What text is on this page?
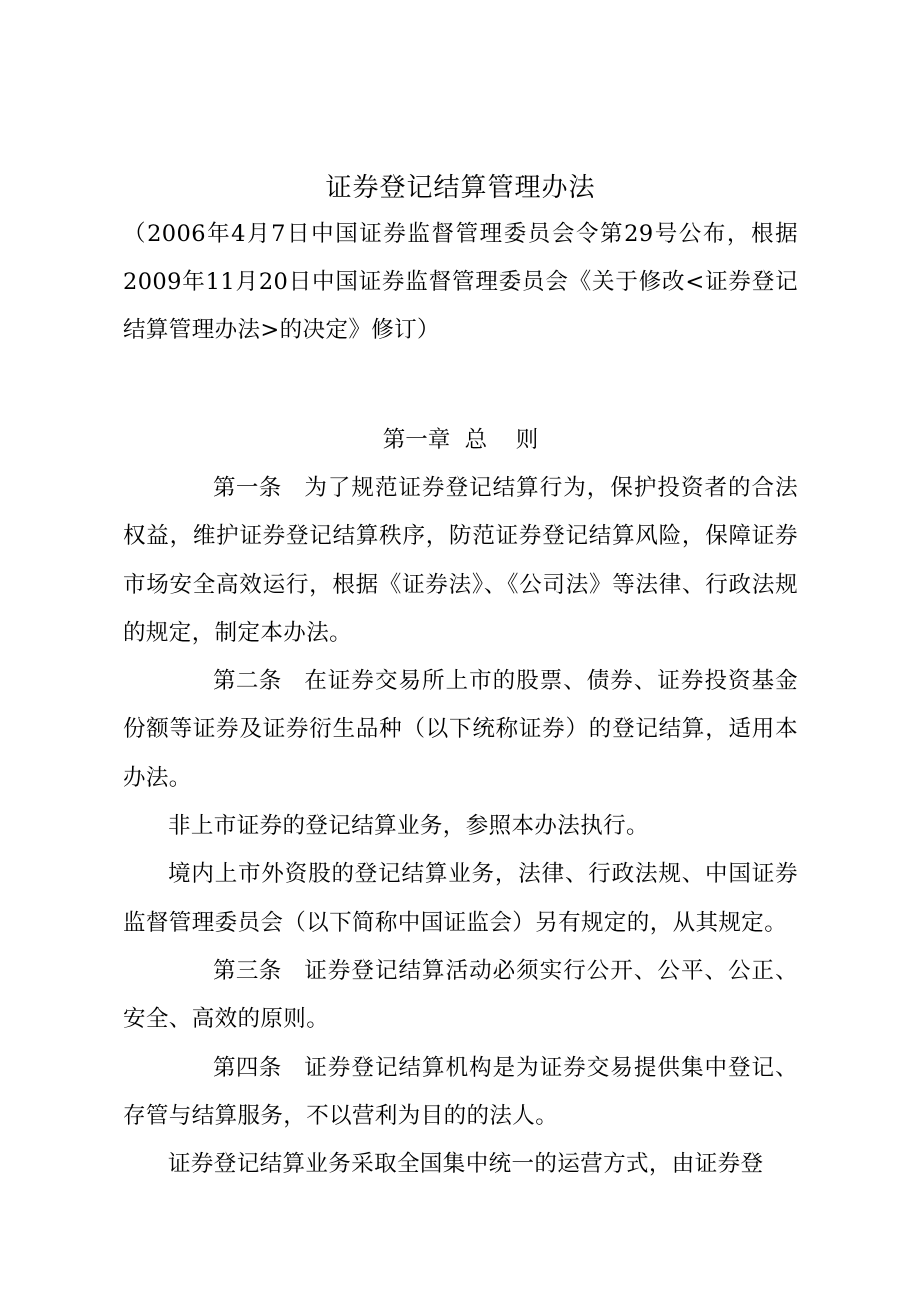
证券登记结算管理办法

（2006年4月7日中国证券监督管理委员会令第29号公布，根据2009年11月20日中国证券监督管理委员会《关于修改<证券登记结算管理办法>的决定》修订）

第一章  总    则

第一条 为了规范证券登记结算行为，保护投资者的合法权益，维护证券登记结算秩序，防范证券登记结算风险，保障证券市场安全高效运行，根据《证券法》、《公司法》等法律、行政法规的规定，制定本办法。

第二条 在证券交易所上市的股票、债券、证券投资基金份额等证券及证券衍生品种（以下统称证券）的登记结算，适用本办法。

非上市证券的登记结算业务，参照本办法执行。

境内上市外资股的登记结算业务，法律、行政法规、中国证券监督管理委员会（以下简称中国证监会）另有规定的，从其规定。

第三条 证券登记结算活动必须实行公开、公平、公正、安全、高效的原则。

第四条 证券登记结算机构是为证券交易提供集中登记、存管与结算服务，不以营利为目的的法人。

证券登记结算业务采取全国集中统一的运营方式，由证券登
